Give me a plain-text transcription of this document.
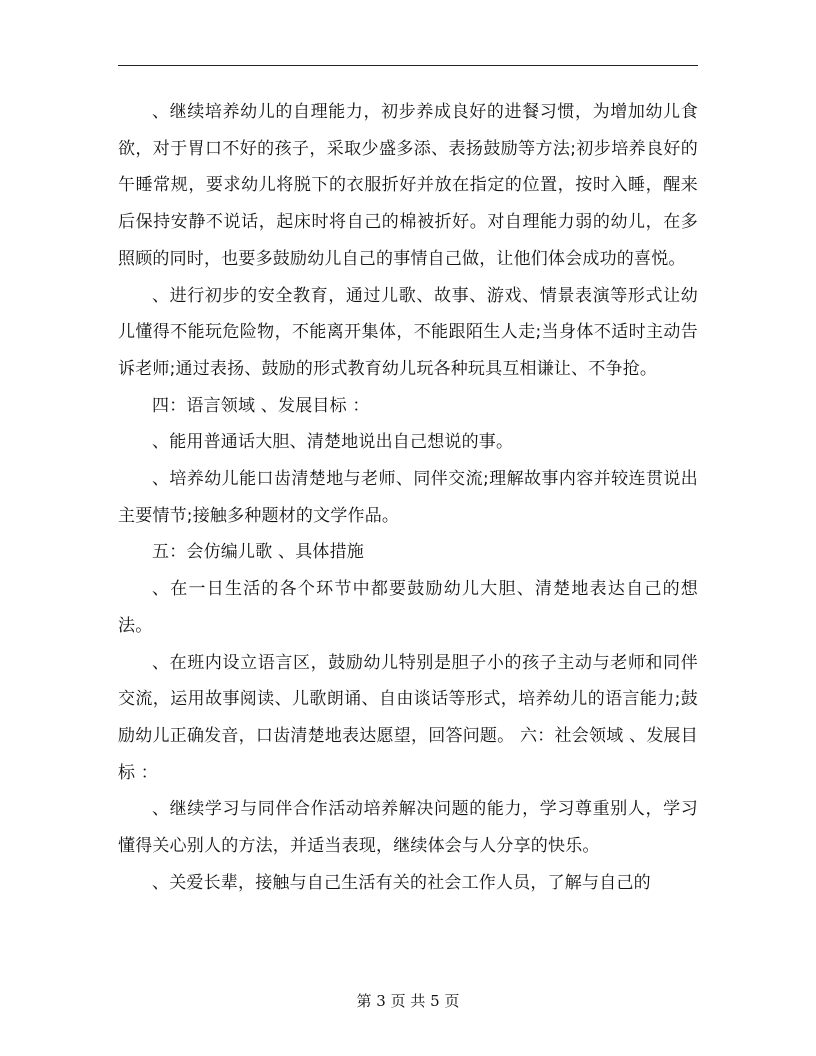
、继续培养幼儿的自理能力，初步养成良好的进餐习惯，为增加幼儿食欲，对于胃口不好的孩子，采取少盛多添、表扬鼓励等方法;初步培养良好的午睡常规，要求幼儿将脱下的衣服折好并放在指定的位置，按时入睡，醒来后保持安静不说话，起床时将自己的棉被折好。对自理能力弱的幼儿，在多照顾的同时，也要多鼓励幼儿自己的事情自己做，让他们体会成功的喜悦。

、进行初步的安全教育，通过儿歌、故事、游戏、情景表演等形式让幼儿懂得不能玩危险物，不能离开集体，不能跟陌生人走;当身体不适时主动告诉老师;通过表扬、鼓励的形式教育幼儿玩各种玩具互相谦让、不争抢。

四：语言领域 、发展目标 ：

、能用普通话大胆、清楚地说出自己想说的事。

、培养幼儿能口齿清楚地与老师、同伴交流;理解故事内容并较连贯说出主要情节;接触多种题材的文学作品。

五：会仿编儿歌 、具体措施

、在一日生活的各个环节中都要鼓励幼儿大胆、清楚地表达自己的想法。

、在班内设立语言区，鼓励幼儿特别是胆子小的孩子主动与老师和同伴交流，运用故事阅读、儿歌朗诵、自由谈话等形式，培养幼儿的语言能力;鼓励幼儿正确发音，口齿清楚地表达愿望，回答问题。 六：社会领域 、发展目标 ：

、继续学习与同伴合作活动培养解决问题的能力，学习尊重别人，学习懂得关心别人的方法，并适当表现，继续体会与人分享的快乐。

、关爱长辈，接触与自己生活有关的社会工作人员，了解与自己的

第 3 页 共 5 页
